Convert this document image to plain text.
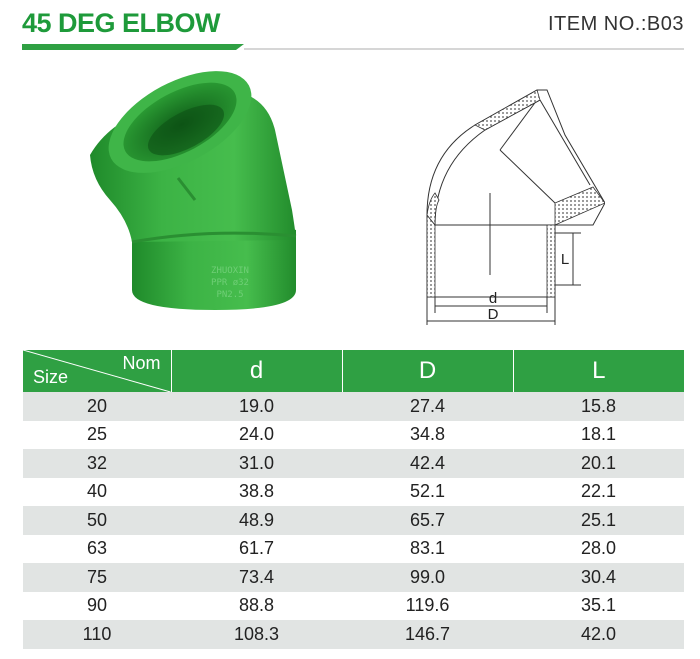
45 DEG ELBOW	ITEM NO.:B03
ZHUOXIN
PPR ø32
PN2.5
L
d
D
Nom
Size	d	D	L
20	19.0	27.4	15.8
25	24.0	34.8	18.1
32	31.0	42.4	20.1
40	38.8	52.1	22.1
50	48.9	65.7	25.1
63	61.7	83.1	28.0
75	73.4	99.0	30.4
90	88.8	119.6	35.1
110	108.3	146.7	42.0
